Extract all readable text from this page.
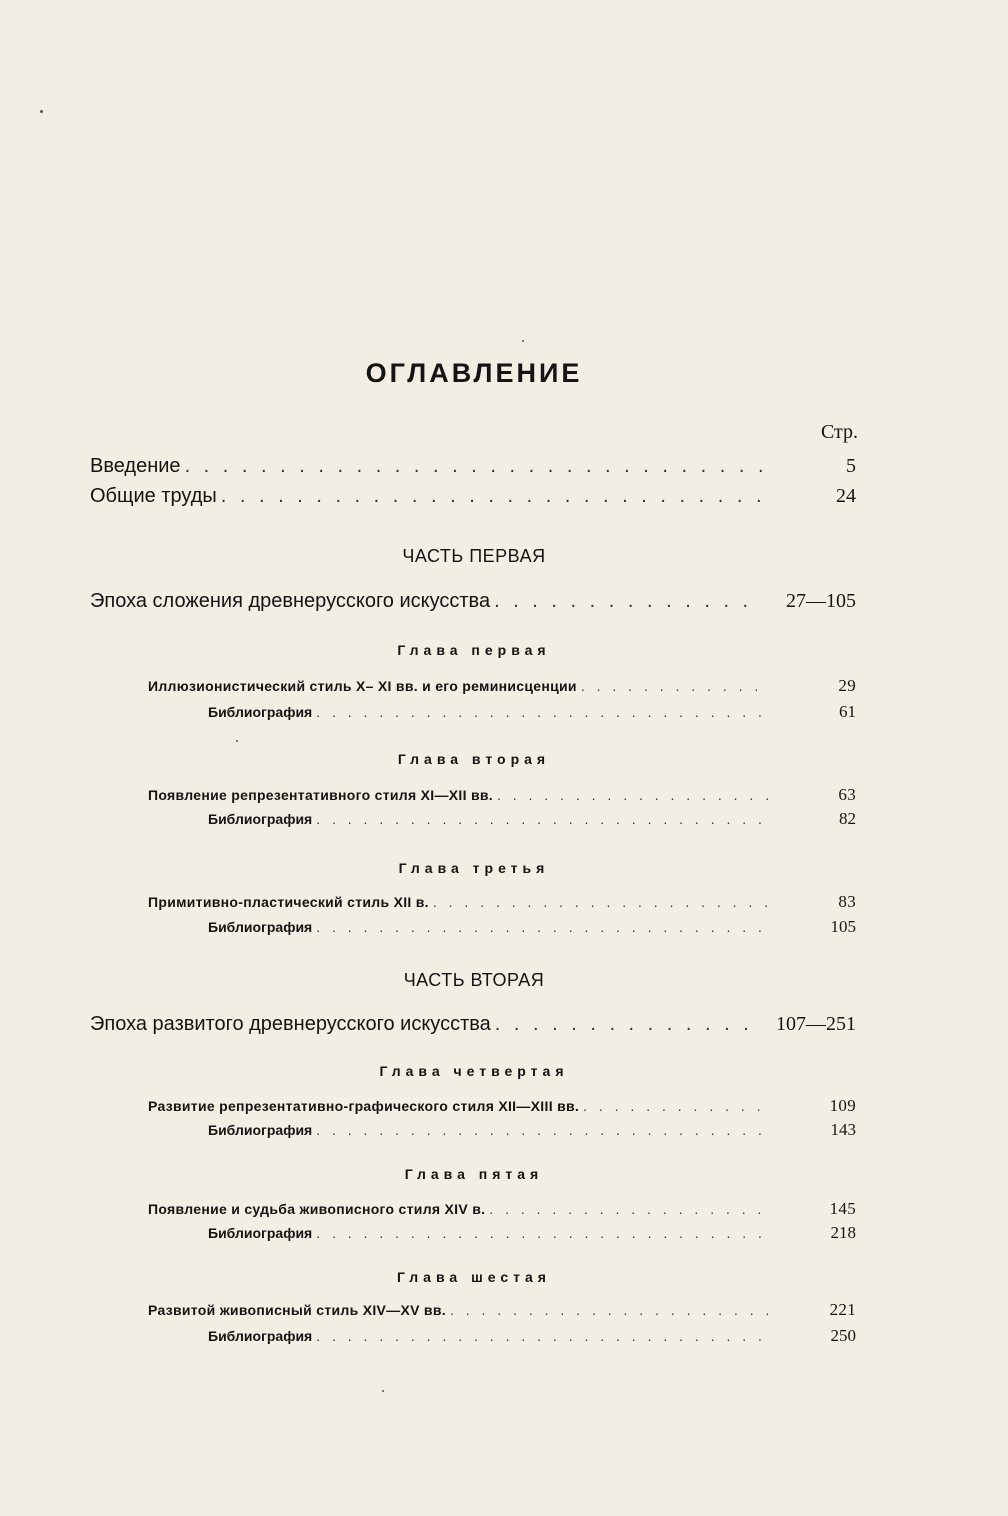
ОГЛАВЛЕНИЕ
Стр.
Введение . . .	5
Общие труды . . .	24
ЧАСТЬ ПЕРВАЯ
Эпоха сложения древнерусского искусства . . .	27—105
Глава первая
Иллюзионистический стиль X– XI вв. и его реминисценции . . .	29
Библиография . . .	61
Глава вторая
Появление репрезентативного стиля XI—XII вв. . . .	63
Библиография . . .	82
Глава третья
Примитивно-пластический стиль XII в. . . .	83
Библиография . . .	105
ЧАСТЬ ВТОРАЯ
Эпоха развитого древнерусского искусства . . .	107—251
Глава четвертая
Развитие репрезентативно-графического стиля XII—XIII вв. . . .	109
Библиография . . .	143
Глава пятая
Появление и судьба живописного стиля XIV в. . . .	145
Библиография . . .	218
Глава шестая
Развитой живописный стиль XIV—XV вв. . . .	221
Библиография . . .	250
